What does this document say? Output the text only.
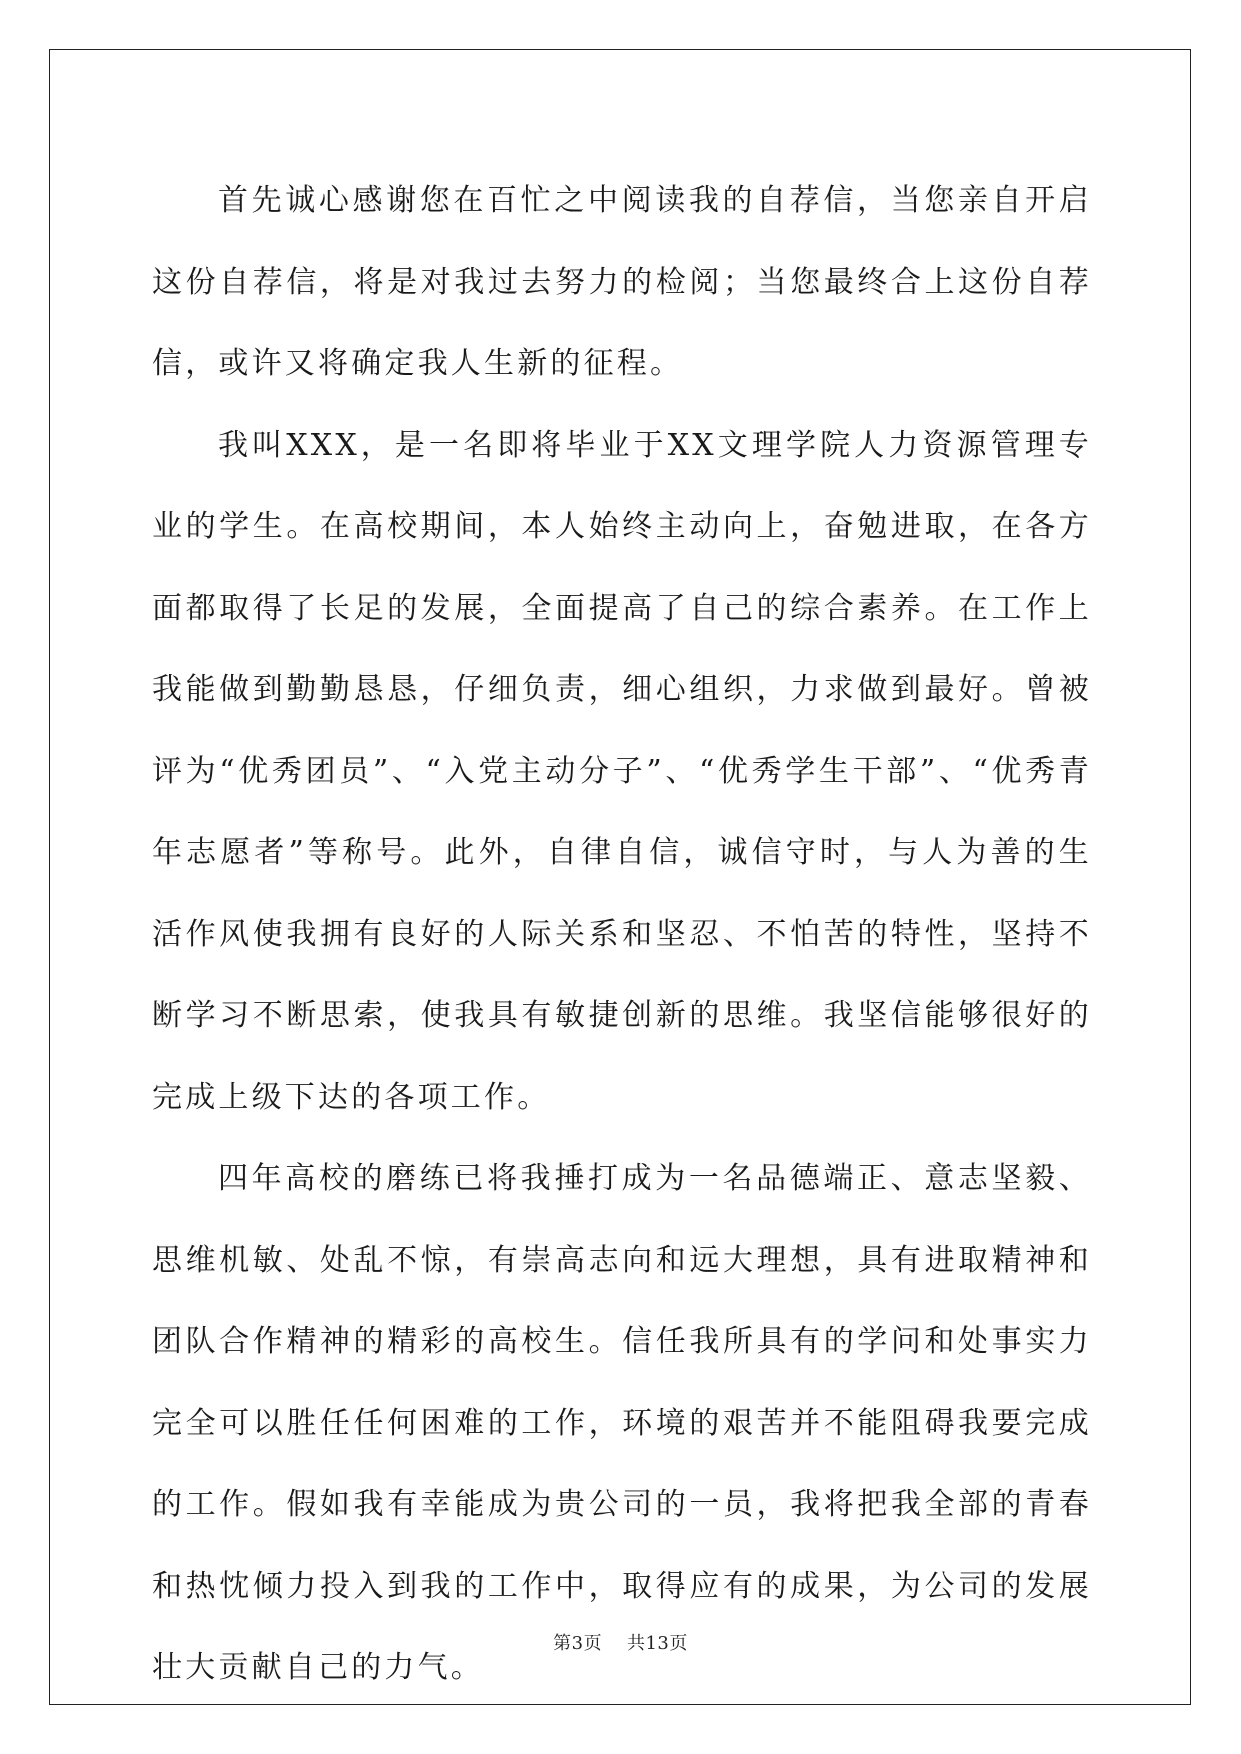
首先诚心感谢您在百忙之中阅读我的自荐信，当您亲自开启这份自荐信，将是对我过去努力的检阅；当您最终合上这份自荐信，或许又将确定我人生新的征程。

我叫XXX，是一名即将毕业于XX文理学院人力资源管理专业的学生。在高校期间，本人始终主动向上，奋勉进取，在各方面都取得了长足的发展，全面提高了自己的综合素养。在工作上我能做到勤勤恳恳，仔细负责，细心组织，力求做到最好。曾被评为“优秀团员”、“入党主动分子”、“优秀学生干部”、“优秀青年志愿者”等称号。此外，自律自信，诚信守时，与人为善的生活作风使我拥有良好的人际关系和坚忍、不怕苦的特性，坚持不断学习不断思索，使我具有敏捷创新的思维。我坚信能够很好的完成上级下达的各项工作。

四年高校的磨练已将我捶打成为一名品德端正、意志坚毅、思维机敏、处乱不惊，有崇高志向和远大理想，具有进取精神和团队合作精神的精彩的高校生。信任我所具有的学问和处事实力完全可以胜任任何困难的工作，环境的艰苦并不能阻碍我要完成的工作。假如我有幸能成为贵公司的一员，我将把我全部的青春和热忱倾力投入到我的工作中，取得应有的成果，为公司的发展壮大贡献自己的力气。

第3页    共13页
